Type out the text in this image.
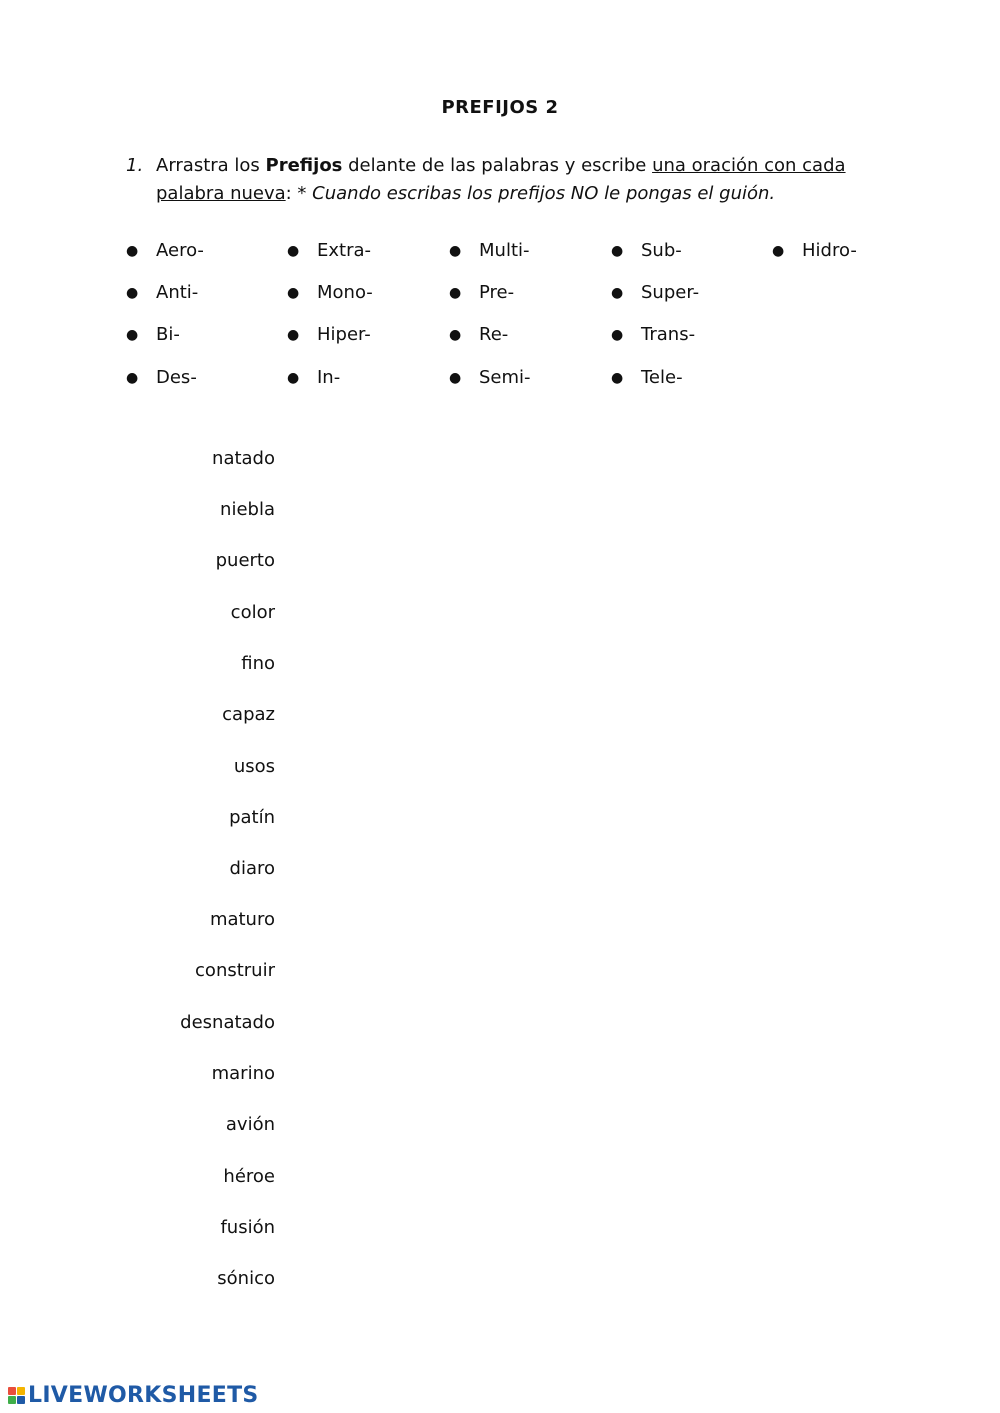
PREFIJOS 2
1. Arrastra los Prefijos delante de las palabras y escribe una oración con cada palabra nueva: * Cuando escribas los prefijos NO le pongas el guión.
● Aero-
● Anti-
● Bi-
● Des-
● Extra-
● Mono-
● Hiper-
● In-
● Multi-
● Pre-
● Re-
● Semi-
● Sub-
● Super-
● Trans-
● Tele-
● Hidro-
natado
niebla
puerto
color
fino
capaz
usos
patín
diaro
maturo
construir
desnatado
marino
avión
héroe
fusión
sónico
LIVEWORKSHEETS
